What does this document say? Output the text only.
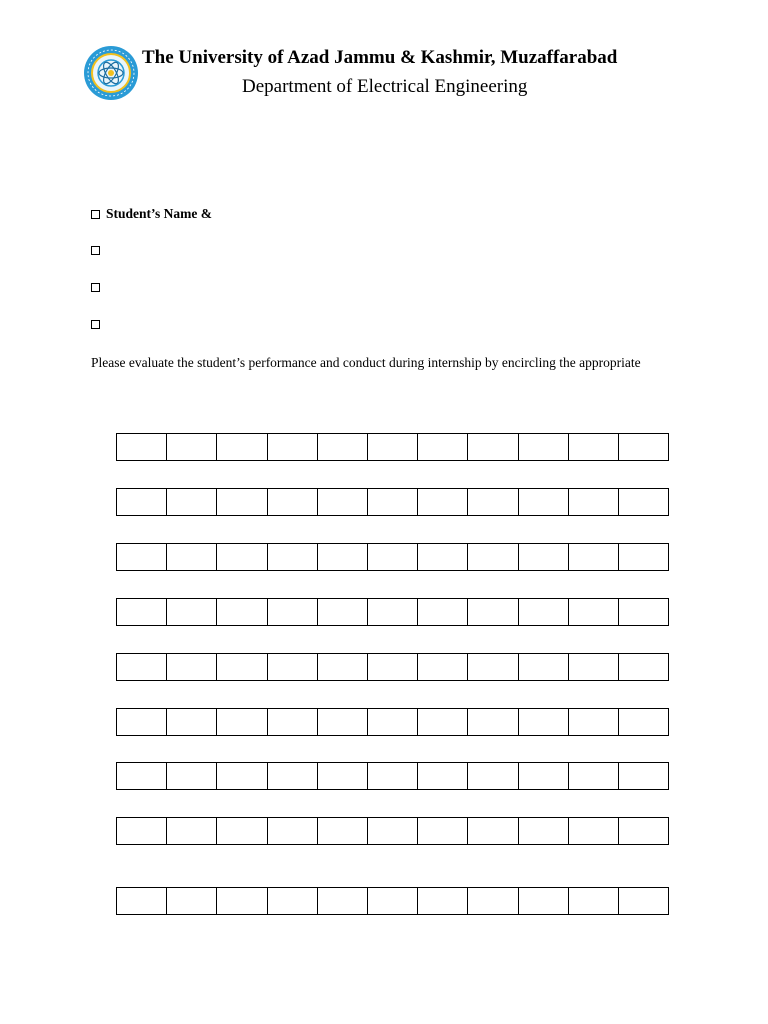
The University of Azad Jammu & Kashmir, Muzaffarabad
Department of Electrical Engineering
Student’s Name &
Please evaluate the student’s performance and conduct during internship by encircling the appropriate
